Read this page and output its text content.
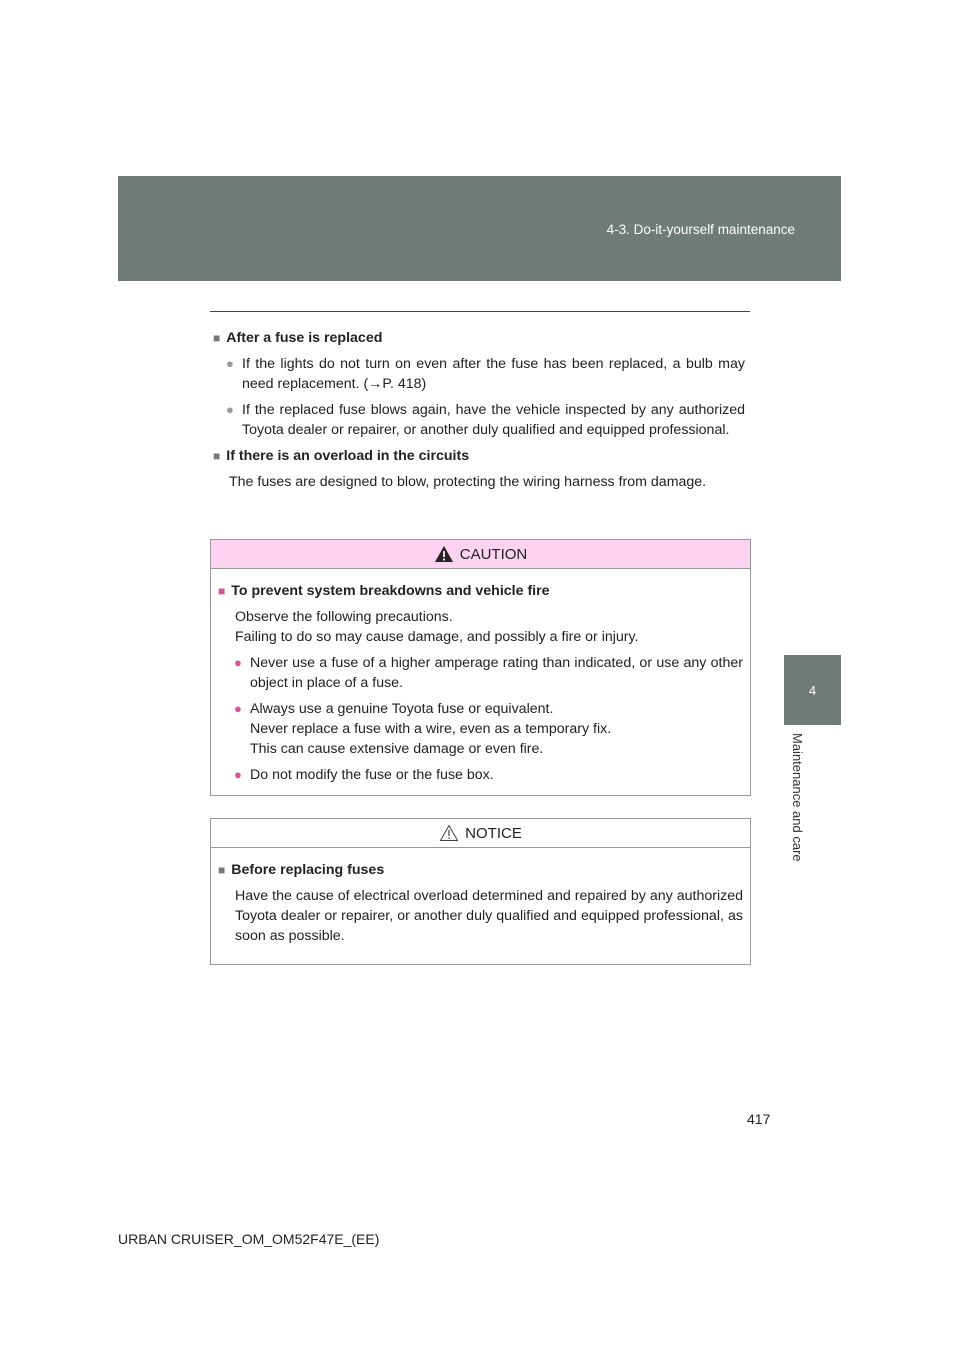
4-3. Do-it-yourself maintenance
4
Maintenance and care
■ After a fuse is replaced
● If the lights do not turn on even after the fuse has been replaced, a bulb may need replacement. (→P. 418)
● If the replaced fuse blows again, have the vehicle inspected by any authorized Toyota dealer or repairer, or another duly qualified and equipped professional.
■ If there is an overload in the circuits
The fuses are designed to blow, protecting the wiring harness from damage.
CAUTION
■ To prevent system breakdowns and vehicle fire
Observe the following precautions.
Failing to do so may cause damage, and possibly a fire or injury.
● Never use a fuse of a higher amperage rating than indicated, or use any other object in place of a fuse.
● Always use a genuine Toyota fuse or equivalent.
Never replace a fuse with a wire, even as a temporary fix.
This can cause extensive damage or even fire.
● Do not modify the fuse or the fuse box.
NOTICE
■ Before replacing fuses
Have the cause of electrical overload determined and repaired by any authorized Toyota dealer or repairer, or another duly qualified and equipped professional, as soon as possible.
417
URBAN CRUISER_OM_OM52F47E_(EE)
